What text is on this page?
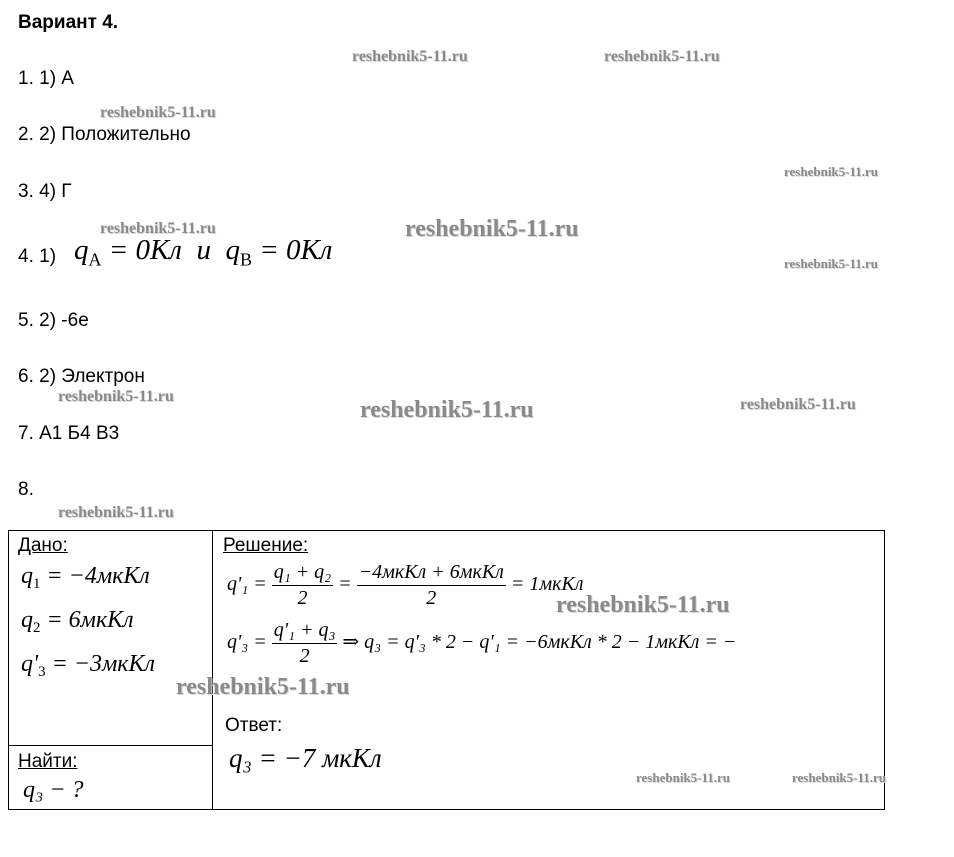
Вариант 4.
1. 1) А
2. 2) Положительно
3. 4) Г
4. 1) $q_А = 0Кл$  и  $q_В = 0Кл$
5. 2) -6е
6. 2) Электрон
7. А1 Б4 В3
8.
Дано:
$q_1$ = −4мкКл
$q_2$ = 6мкКл
$q'_3$ = −3мкКл
Найти:
q₃ − ?
Решение:
$q'_1 = \frac{\text{q₁ + q₂}}{2} = \frac{\text{−4мкКл + 6мкКл}}{2}$ = 1мкКл
$q'_3 = \frac{\text{q'₁ + q₃}}{2}$ ⇒ q₃ = q'₃ * 2 − q'₁ = −6мкКл * 2 − 1мкКл = −
Ответ:
q₃ = −7 мкКл
reshebnik5-11.ru	reshebnik5-11.ru
reshebnik5-11.ru
reshebnik5-11.ru
reshebnik5-11.ru	reshebnik5-11.ru
reshebnik5-11.ru
reshebnik5-11.ru
reshebnik5-11.ru	reshebnik5-11.ru
reshebnik5-11.ru
reshebnik5-11.ru
reshebnik5-11.ru
reshebnik5-11.ru	reshebnik5-11.ru
